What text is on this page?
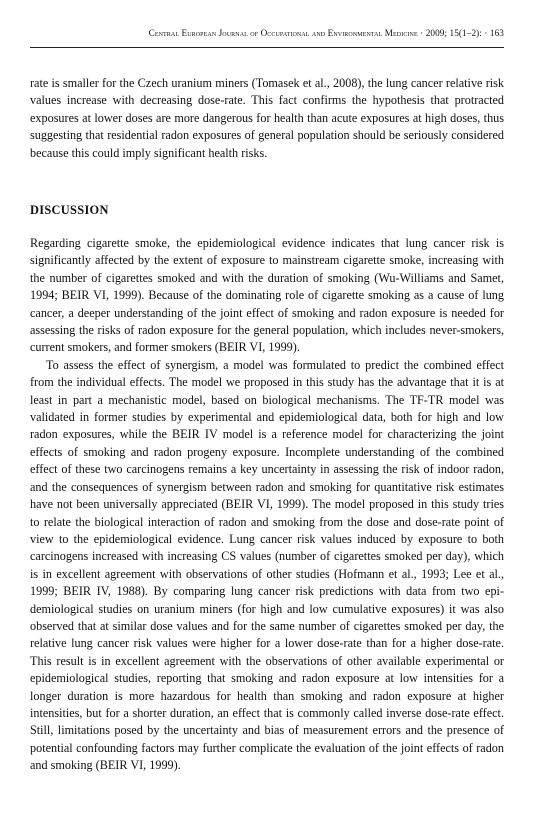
Central European Journal of Occupational and Environmental Medicine · 2009; 15(1–2): · 163

rate is smaller for the Czech uranium miners (Tomasek et al., 2008), the lung cancer relative risk values increase with decreasing dose-rate. This fact confirms the hypothesis that protracted exposures at lower doses are more dangerous for health than acute exposures at high doses, thus suggesting that residential radon exposures of general population should be seriously considered because this could imply significant health risks.

DISCUSSION

Regarding cigarette smoke, the epidemiological evidence indicates that lung cancer risk is significantly affected by the extent of exposure to mainstream cigarette smoke, increasing with the number of cigarettes smoked and with the duration of smoking (Wu-Williams and Samet, 1994; BEIR VI, 1999). Because of the dominating role of cigarette smoking as a cause of lung cancer, a deeper understanding of the joint effect of smoking and radon exposure is needed for assessing the risks of radon exposure for the general population, which includes never-smokers, current smokers, and former smokers (BEIR VI, 1999).

To assess the effect of synergism, a model was formulated to predict the combined effect from the individual effects. The model we proposed in this study has the advantage that it is at least in part a mechanistic model, based on biological mechanisms. The TF-TR model was validated in former studies by experimental and epidemiological data, both for high and low radon exposures, while the BEIR IV model is a reference model for characterizing the joint effects of smoking and radon progeny exposure. Incomplete understanding of the combined effect of these two carcinogens remains a key uncertainty in assessing the risk of indoor radon, and the consequences of synergism between radon and smoking for quantitative risk estimates have not been universally appreciated (BEIR VI, 1999). The model proposed in this study tries to relate the biological interaction of radon and smoking from the dose and dose-rate point of view to the epidemiological evidence. Lung cancer risk values induced by exposure to both carcinogens increased with increasing CS values (number of cigarettes smoked per day), which is in excellent agreement with observations of other studies (Hofmann et al., 1993; Lee et al., 1999; BEIR IV, 1988). By comparing lung cancer risk predictions with data from two epidemiological studies on uranium miners (for high and low cumulative exposures) it was also observed that at similar dose values and for the same number of cigarettes smoked per day, the relative lung cancer risk values were higher for a lower dose-rate than for a higher dose-rate. This result is in excellent agreement with the observations of other available experimental or epidemiological studies, reporting that smoking and radon exposure at low intensities for a longer duration is more hazardous for health than smoking and radon exposure at higher intensities, but for a shorter duration, an effect that is commonly called inverse dose-rate effect. Still, limitations posed by the uncertainty and bias of measurement errors and the presence of potential confounding factors may further complicate the evaluation of the joint effects of radon and smoking (BEIR VI, 1999).
